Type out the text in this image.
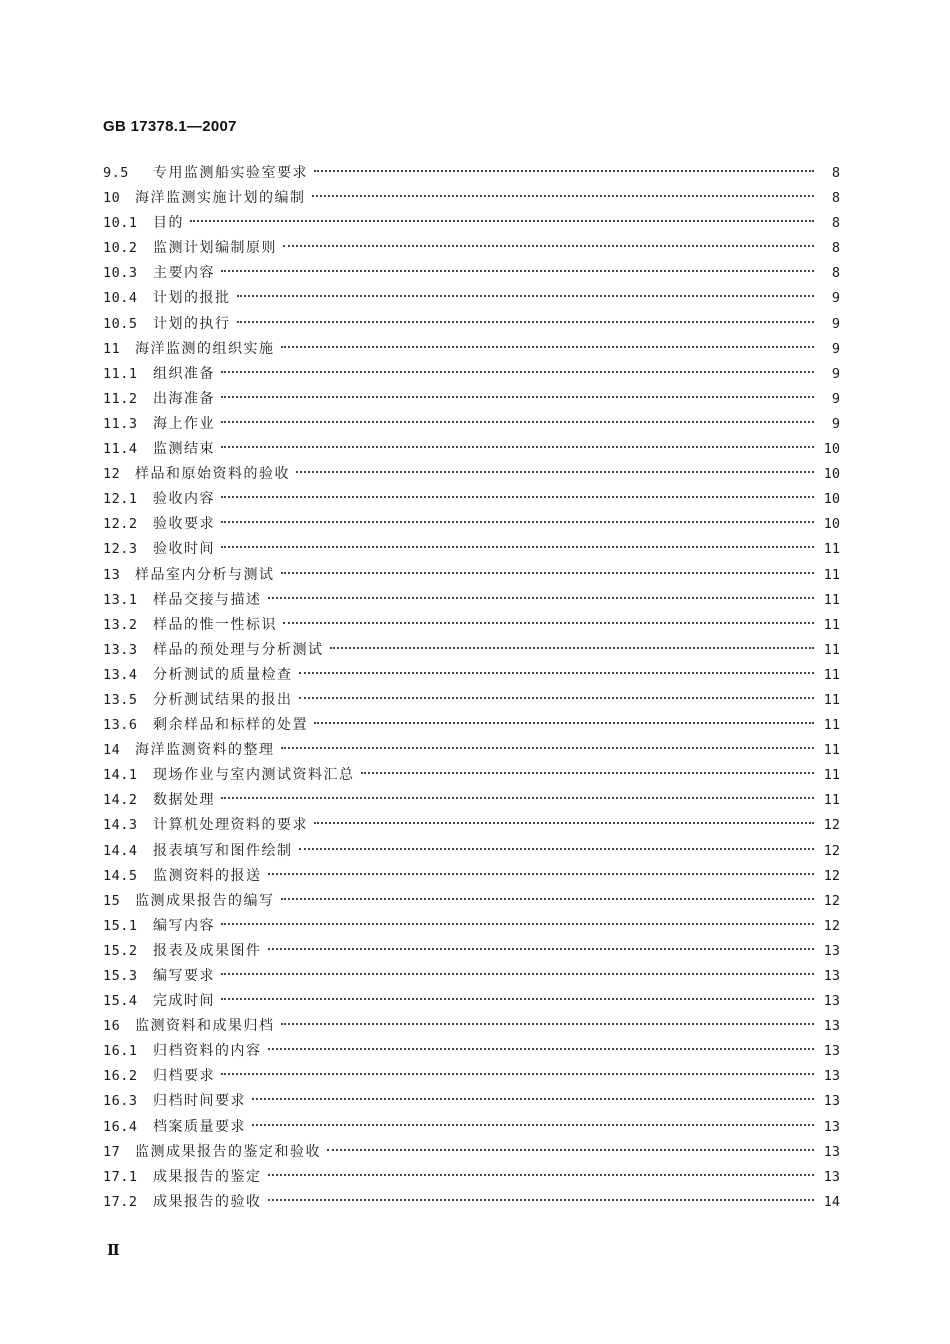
GB 17378.1—2007
9.5	专用监测船实验室要求	8
10	海洋监测实施计划的编制	8
10.1	目的	8
10.2	监测计划编制原则	8
10.3	主要内容	8
10.4	计划的报批	9
10.5	计划的执行	9
11	海洋监测的组织实施	9
11.1	组织准备	9
11.2	出海准备	9
11.3	海上作业	9
11.4	监测结束	10
12	样品和原始资料的验收	10
12.1	验收内容	10
12.2	验收要求	10
12.3	验收时间	11
13	样品室内分析与测试	11
13.1	样品交接与描述	11
13.2	样品的惟一性标识	11
13.3	样品的预处理与分析测试	11
13.4	分析测试的质量检查	11
13.5	分析测试结果的报出	11
13.6	剩余样品和标样的处置	11
14	海洋监测资料的整理	11
14.1	现场作业与室内测试资料汇总	11
14.2	数据处理	11
14.3	计算机处理资料的要求	12
14.4	报表填写和图件绘制	12
14.5	监测资料的报送	12
15	监测成果报告的编写	12
15.1	编写内容	12
15.2	报表及成果图件	13
15.3	编写要求	13
15.4	完成时间	13
16	监测资料和成果归档	13
16.1	归档资料的内容	13
16.2	归档要求	13
16.3	归档时间要求	13
16.4	档案质量要求	13
17	监测成果报告的鉴定和验收	13
17.1	成果报告的鉴定	13
17.2	成果报告的验收	14
Ⅱ
